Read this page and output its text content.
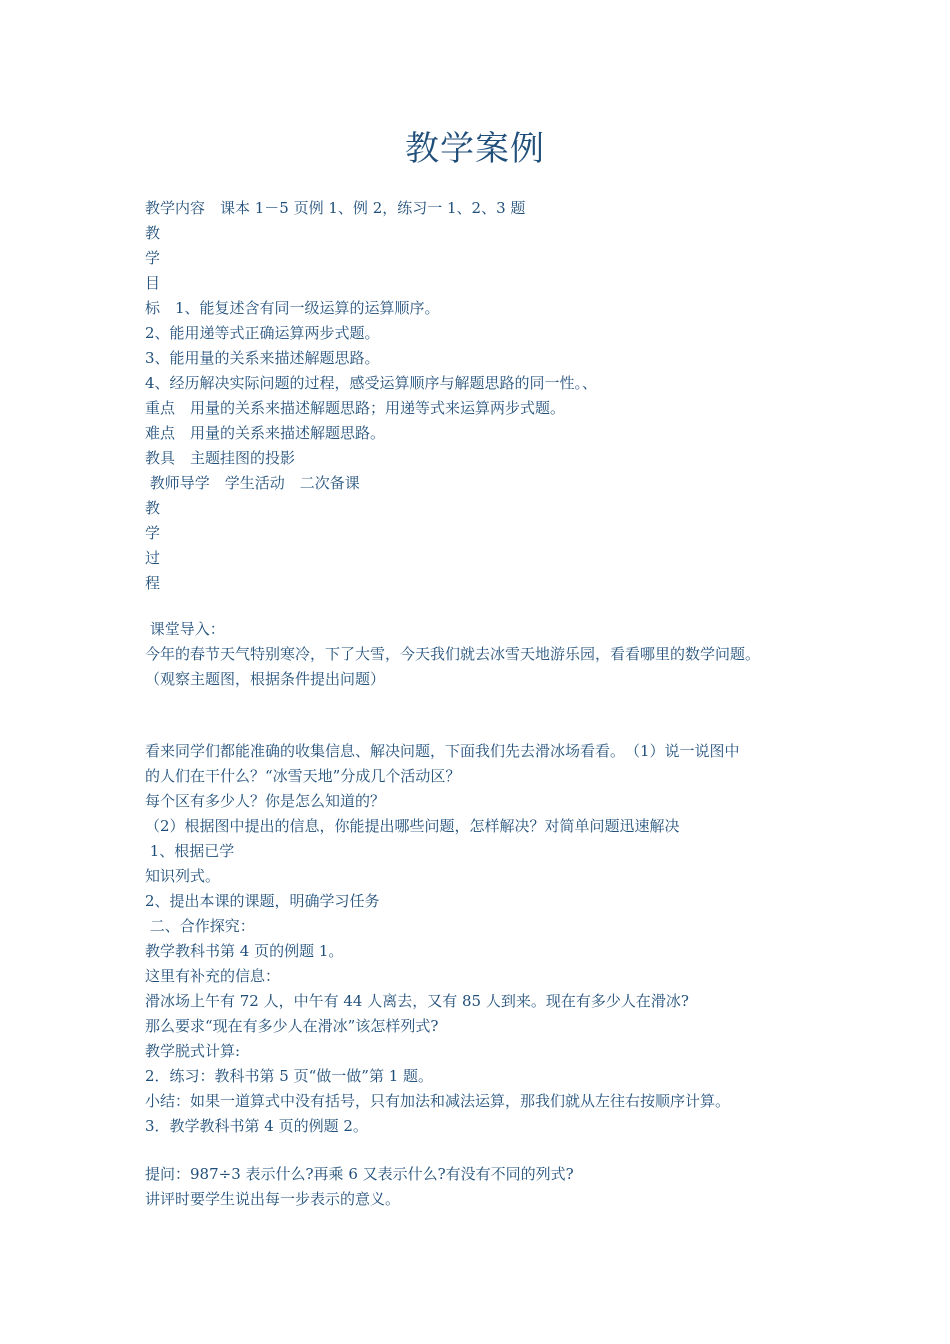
教学案例
教学内容　课本 1－5 页例 1、例 2，练习一 1、2、3 题
教
学
目
标　1、能复述含有同一级运算的运算顺序。
2、能用递等式正确运算两步式题。
3、能用量的关系来描述解题思路。
4、经历解决实际问题的过程，感受运算顺序与解题思路的同一性。、
重点　用量的关系来描述解题思路；用递等式来运算两步式题。
难点　用量的关系来描述解题思路。
教具　主题挂图的投影
教师导学　学生活动　二次备课
教
学
过
程
课堂导入：
今年的春节天气特别寒冷，下了大雪，今天我们就去冰雪天地游乐园，看看哪里的数学问题。
（观察主题图，根据条件提出问题）
看来同学们都能准确的收集信息、解决问题，下面我们先去滑冰场看看。　（1）说一说图中
的人们在干什么？“冰雪天地”分成几个活动区？
每个区有多少人？你是怎么知道的？
（2）根据图中提出的信息，你能提出哪些问题，怎样解决？对简单问题迅速解决
1、根据已学
知识列式。
2、提出本课的课题，明确学习任务
二、合作探究：
教学教科书第 4 页的例题 1。
这里有补充的信息：
滑冰场上午有 72 人，中午有 44 人离去，又有 85 人到来。现在有多少人在滑冰?
那么要求“现在有多少人在滑冰”该怎样列式?
教学脱式计算:
2．练习：教科书第 5 页“做一做”第 1 题。
小结：如果一道算式中没有括号，只有加法和减法运算，那我们就从左往右按顺序计算。
3．教学教科书第 4 页的例题 2。
提问：987÷3 表示什么?再乘 6 又表示什么?有没有不同的列式?
讲评时要学生说出每一步表示的意义。
